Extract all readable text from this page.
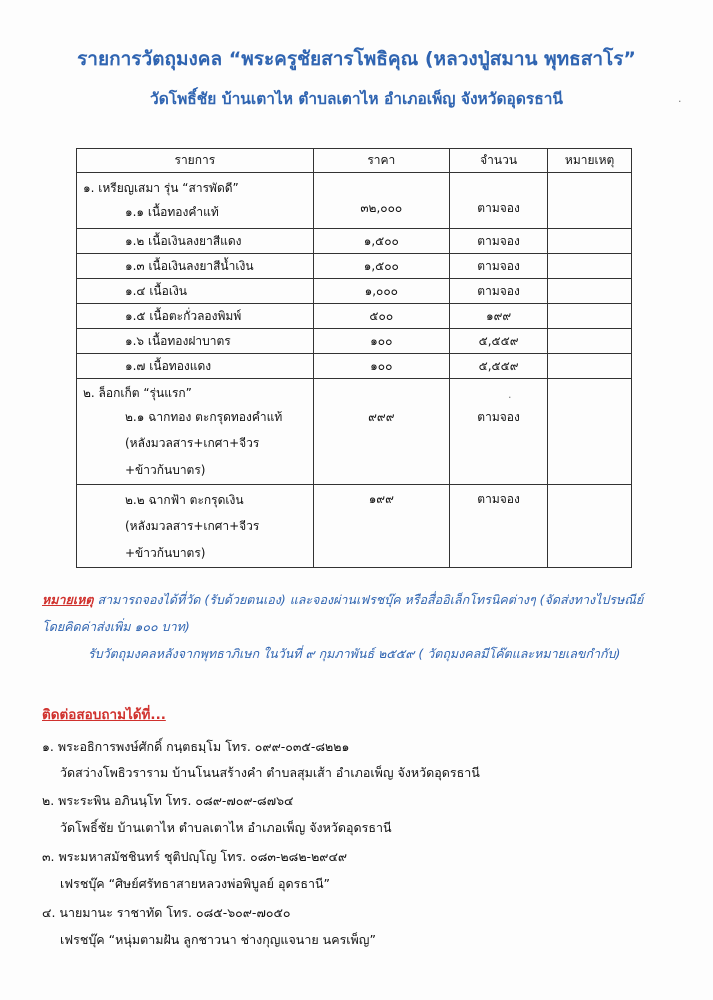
รายการวัตถุมงคล “พระครูชัยสารโพธิคุณ (หลวงปู่สมาน พุทธสาโร”
วัดโพธิ์ชัย บ้านเตาไห ตำบลเตาไห อำเภอเพ็ญ จังหวัดอุดรธานี
รายการ	ราคา	จำนวน	หมายเหตุ

๑. เหรียญเสมา รุ่น “สารพัดดี”
๑.๑ เนื้อทองคำแท้	๓๒,๐๐๐	ตามจอง	

๑.๒ เนื้อเงินลงยาสีแดง	๑,๕๐๐	ตามจอง	

๑.๓ เนื้อเงินลงยาสีน้ำเงิน	๑,๕๐๐	ตามจอง	

๑.๔ เนื้อเงิน	๑,๐๐๐	ตามจอง	

๑.๕ เนื้อตะกั่วลองพิมพ์	๕๐๐	๑๙๙	

๑.๖ เนื้อทองฝาบาตร	๑๐๐	๕,๕๕๙	

๑.๗ เนื้อทองแดง	๑๐๐	๕,๕๕๙	

๒. ล็อกเก็ต “รุ่นแรก”
๒.๑ ฉากทอง ตะกรุดทองคำแท้
(หลังมวลสาร+เกศา+จีวร
+ข้าวก้นบาตร)	๙๙๙	ตามจอง	

๒.๒ ฉากฟ้า ตะกรุดเงิน
(หลังมวลสาร+เกศา+จีวร
+ข้าวก้นบาตร)	๑๙๙	ตามจอง	
หมายเหตุ สามารถจองได้ที่วัด (รับด้วยตนเอง) และจองผ่านเฟรชบุ๊ค หรือสื่ออิเล็กโทรนิคต่างๆ (จัดส่งทางไปรษณีย์
โดยคิดค่าส่งเพิ่ม ๑๐๐ บาท)
รับวัตถุมงคลหลังจากพุทธาภิเษก ในวันที่ ๙ กุมภาพันธ์ ๒๕๕๙ ( วัตถุมงคลมีโค๊ตและหมายเลขกำกับ)
ติดต่อสอบถามได้ที่...
๑. พระอธิการพงษ์ศักดิ์ กนฺตธมฺโม โทร. ๐๙๙-๐๓๕-๘๒๒๑
วัดสว่างโพธิวราราม บ้านโนนสร้างคำ ตำบลสุมเส้า อำเภอเพ็ญ จังหวัดอุดรธานี
๒. พระระพิน อภินนฺโท โทร. ๐๘๙-๗๐๙-๘๗๖๔
วัดโพธิ์ชัย บ้านเตาไห ตำบลเตาไห อำเภอเพ็ญ จังหวัดอุดรธานี
๓. พระมหาสมัชชินทร์ ชุติปญฺโญ โทร. ๐๘๓-๒๘๒-๒๙๔๙
เฟรชบุ๊ค “ศิษย์ศรัทธาสายหลวงพ่อพิบูลย์ อุดรธานี”
๔. นายมานะ ราชาทัด โทร. ๐๘๕-๖๐๙-๗๐๕๐
เฟรชบุ๊ค “หนุ่มตามฝัน ลูกชาวนา ช่างกุญแจนาย นครเพ็ญ”
·
·
